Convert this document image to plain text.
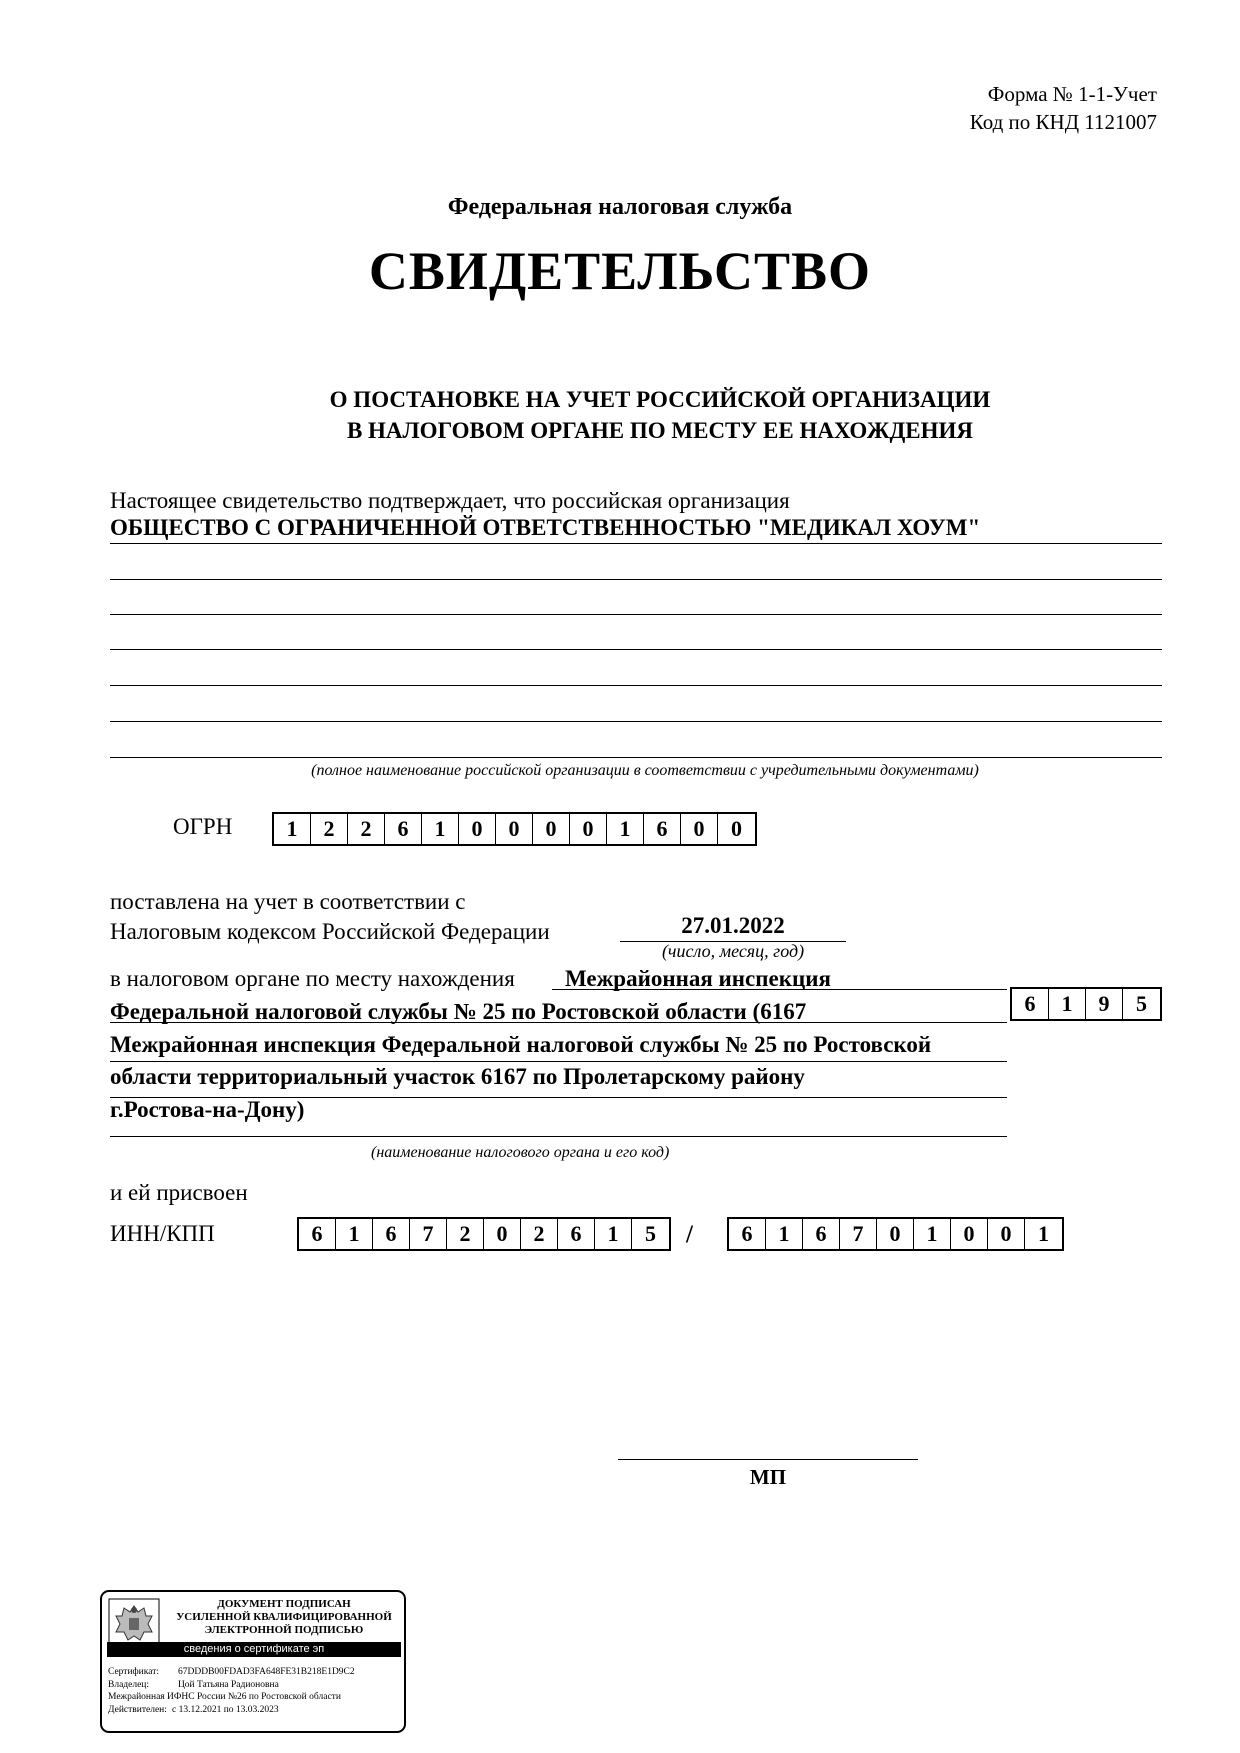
Форма № 1-1-Учет
Код по КНД 1121007
Федеральная налоговая служба
СВИДЕТЕЛЬСТВО
О ПОСТАНОВКЕ НА УЧЕТ РОССИЙСКОЙ ОРГАНИЗАЦИИ
В НАЛОГОВОМ ОРГАНЕ ПО МЕСТУ ЕЕ НАХОЖДЕНИЯ
Настоящее свидетельство подтверждает, что российская организация
ОБЩЕСТВО С ОГРАНИЧЕННОЙ ОТВЕТСТВЕННОСТЬЮ "МЕДИКАЛ ХОУМ"
(полное наименование российской организации в соответствии с учредительными документами)
ОГРН	1	2	2	6	1	0	0	0	0	1	6	0	0
поставлена на учет в соответствии с
Налоговым кодексом Российской Федерации	27.01.2022
(число, месяц, год)
в налоговом органе по месту нахождения Межрайонная инспекция
Федеральной налоговой службы № 25 по Ростовской области (6167
Межрайонная инспекция Федеральной налоговой службы № 25 по Ростовской
области территориальный участок 6167 по Пролетарскому району
г.Ростова-на-Дону)
6	1	9	5
(наименование налогового органа и его код)
и ей присвоен
ИНН/КПП	6	1	6	7	2	0	2	6	1	5	/	6	1	6	7	0	1	0	0	1
МП
ДОКУМЕНТ ПОДПИСАН
УСИЛЕННОЙ КВАЛИФИЦИРОВАННОЙ
ЭЛЕКТРОННОЙ ПОДПИСЬЮ
сведения о сертификате эп
Сертификат: 67DDDB00FDAD3FA648FE31B218E1D9C2
Владелец:	Цой Татьяна Радионовна
Межрайонная ИФНС России №26 по Ростовской области
Действителен: с 13.12.2021 по 13.03.2023
